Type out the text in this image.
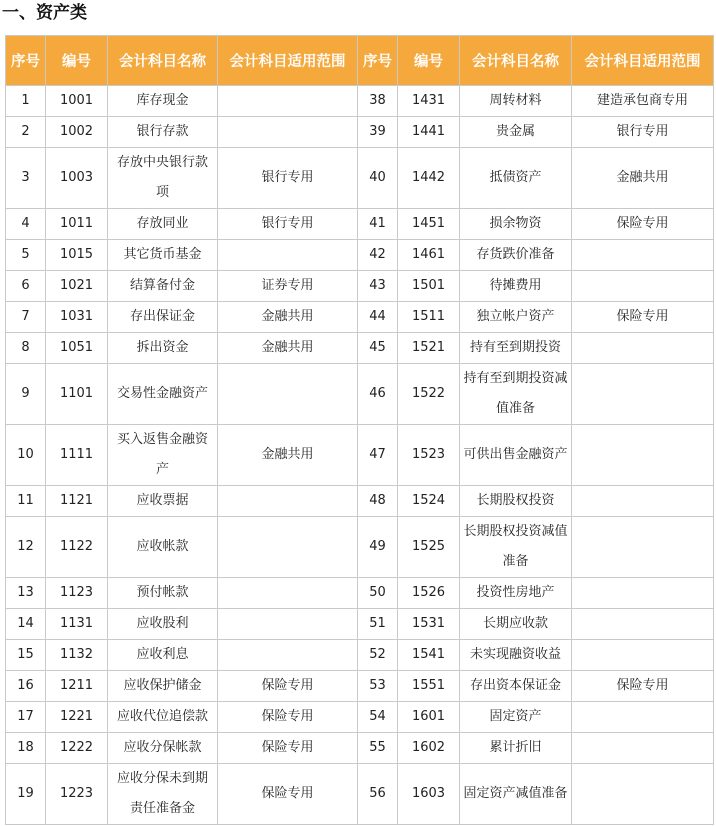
一、资产类
序号	编号	会计科目名称	会计科目适用范围	序号	编号	会计科目名称	会计科目适用范围
1	1001	库存现金		38	1431	周转材料	建造承包商专用
2	1002	银行存款		39	1441	贵金属	银行专用
3	1003	存放中央银行款项	银行专用	40	1442	抵债资产	金融共用
4	1011	存放同业	银行专用	41	1451	损余物资	保险专用
5	1015	其它货币基金		42	1461	存货跌价准备	
6	1021	结算备付金	证券专用	43	1501	待摊费用	
7	1031	存出保证金	金融共用	44	1511	独立帐户资产	保险专用
8	1051	拆出资金	金融共用	45	1521	持有至到期投资	
9	1101	交易性金融资产		46	1522	持有至到期投资减值准备	
10	1111	买入返售金融资产	金融共用	47	1523	可供出售金融资产	
11	1121	应收票据		48	1524	长期股权投资	
12	1122	应收帐款		49	1525	长期股权投资减值准备	
13	1123	预付帐款		50	1526	投资性房地产	
14	1131	应收股利		51	1531	长期应收款	
15	1132	应收利息		52	1541	未实现融资收益	
16	1211	应收保护储金	保险专用	53	1551	存出资本保证金	保险专用
17	1221	应收代位追偿款	保险专用	54	1601	固定资产	
18	1222	应收分保帐款	保险专用	55	1602	累计折旧	
19	1223	应收分保未到期责任准备金	保险专用	56	1603	固定资产减值准备	
